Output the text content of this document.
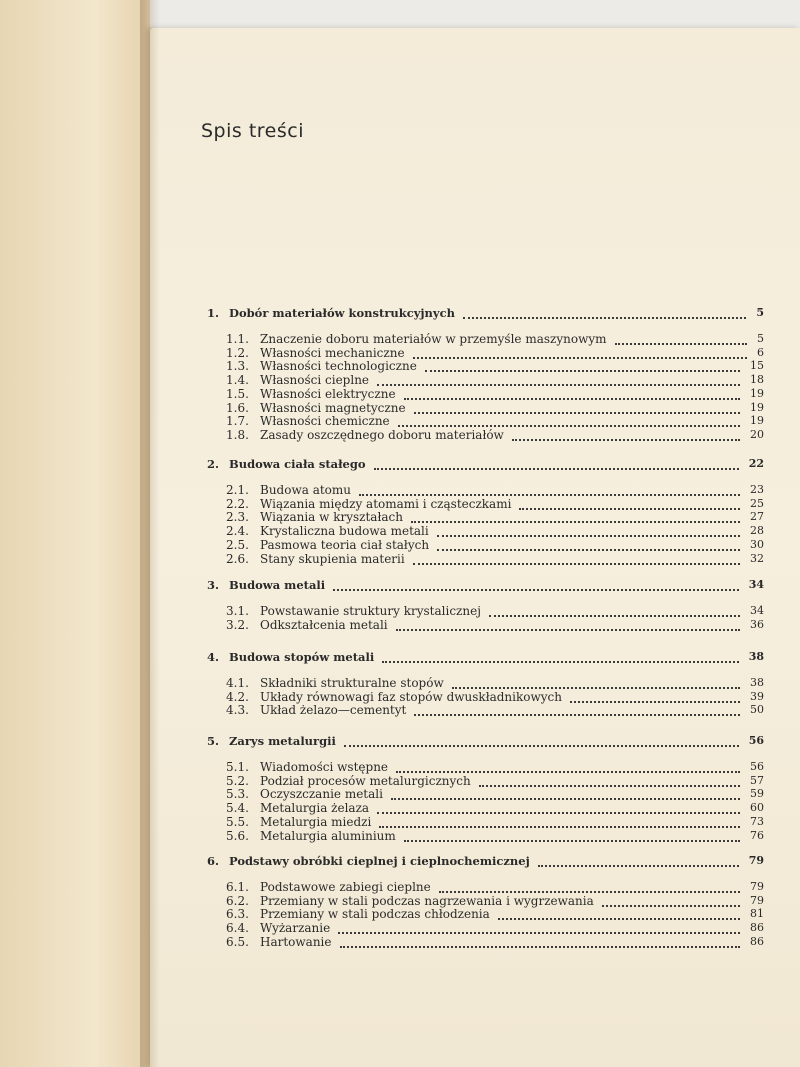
Spis treści
1. Dobór materiałów konstrukcyjnych	5
1.1. Znaczenie doboru materiałów w przemyśle maszynowym	5
1.2. Własności mechaniczne	6
1.3. Własności technologiczne	15
1.4. Własności cieplne	18
1.5. Własności elektryczne	19
1.6. Własności magnetyczne	19
1.7. Własności chemiczne	19
1.8. Zasady oszczędnego doboru materiałów	20
2. Budowa ciała stałego	22
2.1. Budowa atomu	23
2.2. Wiązania między atomami i cząsteczkami	25
2.3. Wiązania w kryształach	27
2.4. Krystaliczna budowa metali	28
2.5. Pasmowa teoria ciał stałych	30
2.6. Stany skupienia materii	32
3. Budowa metali	34
3.1. Powstawanie struktury krystalicznej	34
3.2. Odkształcenia metali	36
4. Budowa stopów metali	38
4.1. Składniki strukturalne stopów	38
4.2. Układy równowagi faz stopów dwuskładnikowych	39
4.3. Układ żelazo—cementyt	50
5. Zarys metalurgii	56
5.1. Wiadomości wstępne	56
5.2. Podział procesów metalurgicznych	57
5.3. Oczyszczanie metali	59
5.4. Metalurgia żelaza	60
5.5. Metalurgia miedzi	73
5.6. Metalurgia aluminium	76
6. Podstawy obróbki cieplnej i cieplnochemicznej	79
6.1. Podstawowe zabiegi cieplne	79
6.2. Przemiany w stali podczas nagrzewania i wygrzewania	79
6.3. Przemiany w stali podczas chłodzenia	81
6.4. Wyżarzanie	86
6.5. Hartowanie	86
